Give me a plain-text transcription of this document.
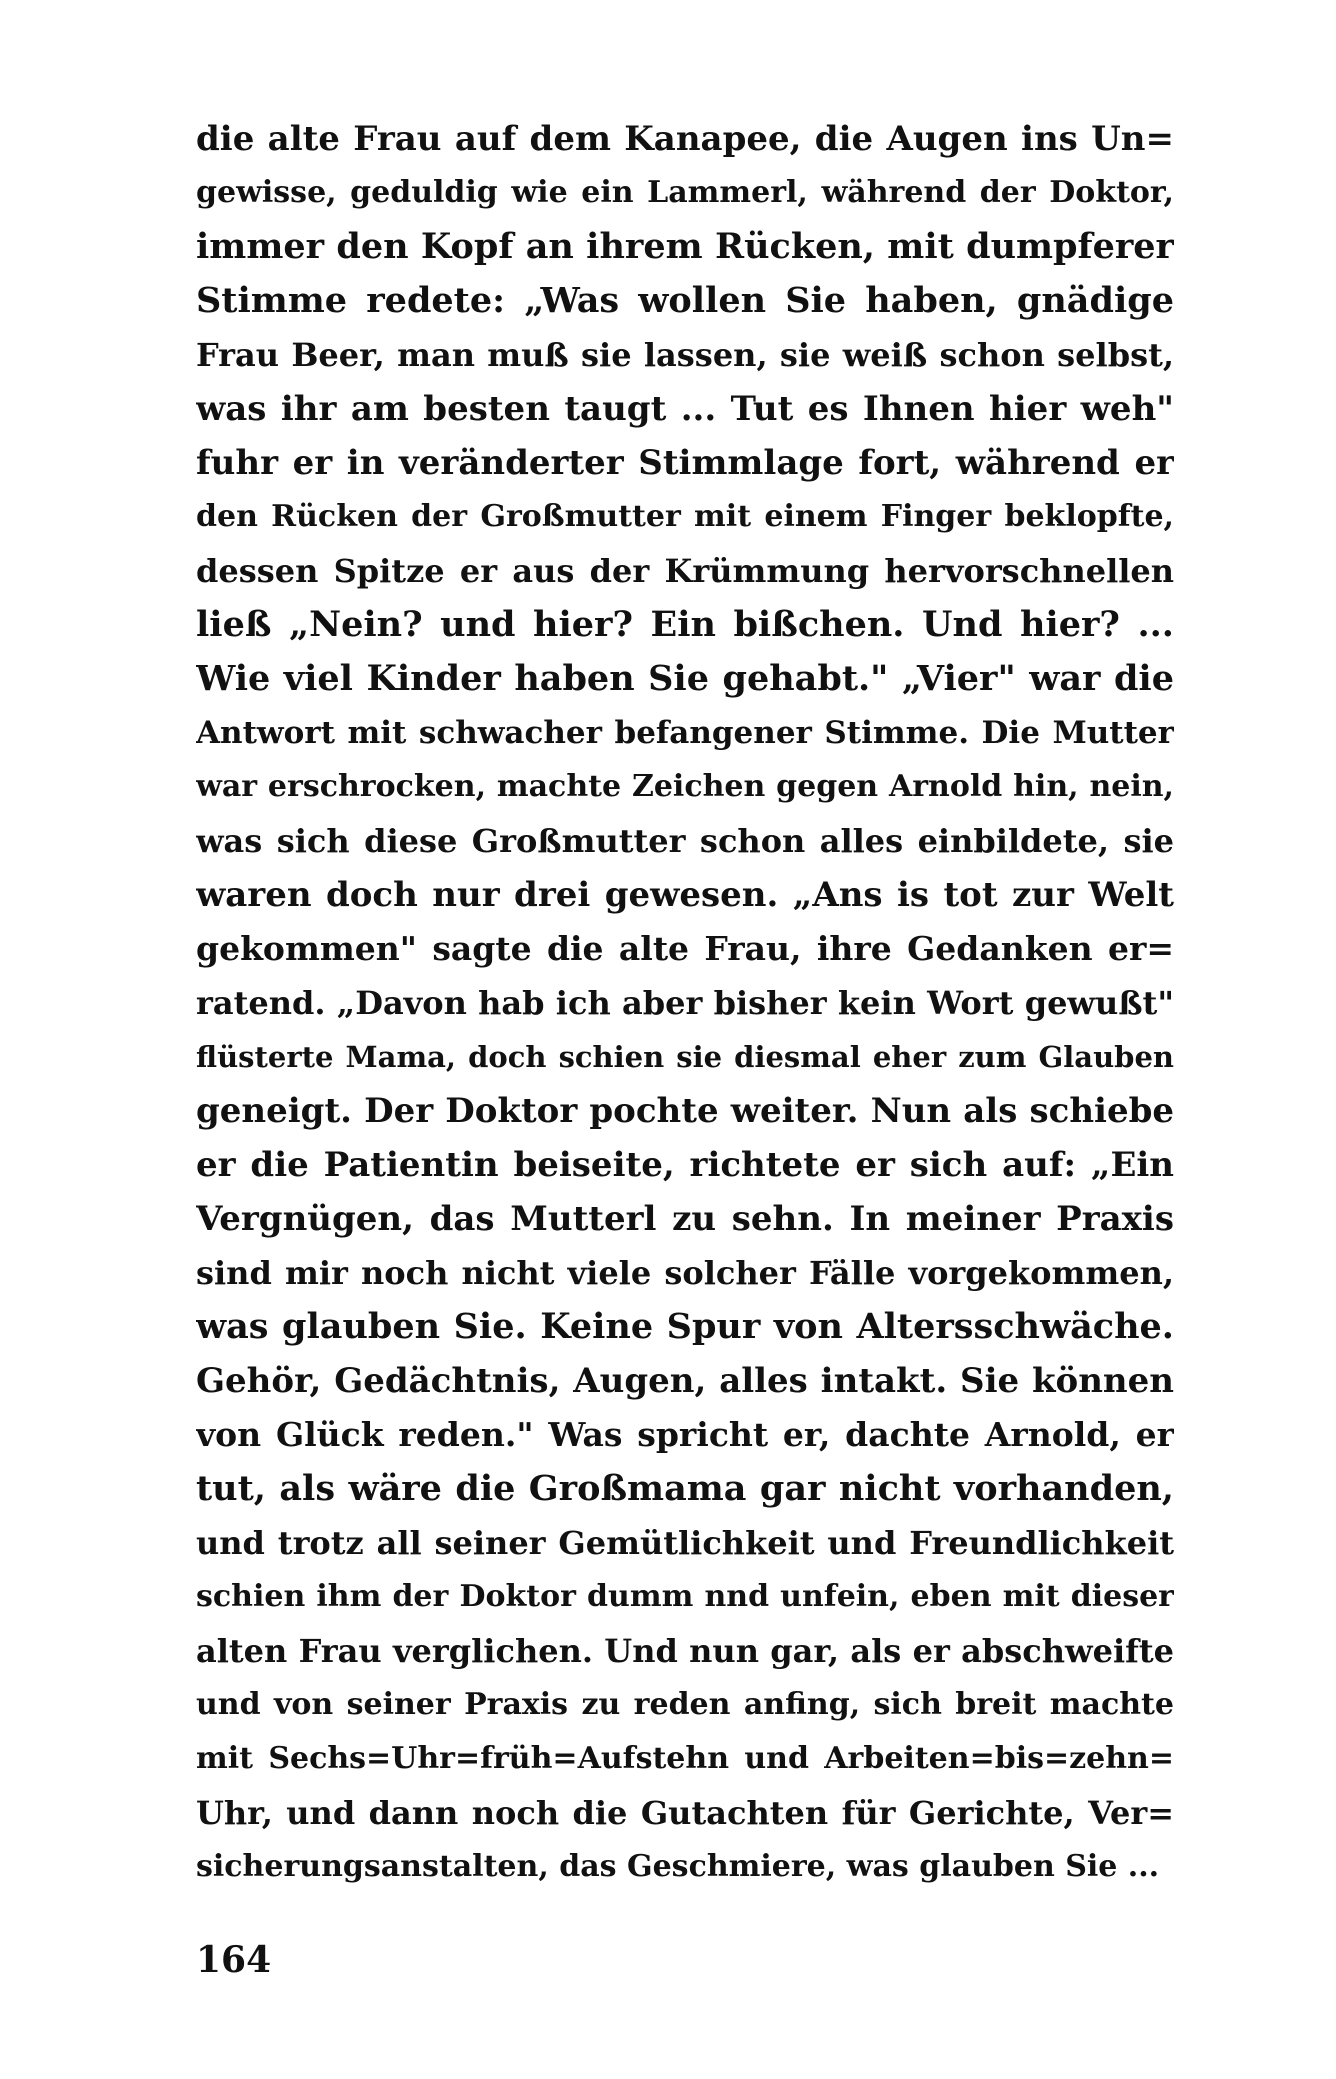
die alte Frau auf dem Kanapee, die Augen ins Un=
gewisse, geduldig wie ein Lammerl, während der Doktor,
immer den Kopf an ihrem Rücken, mit dumpferer
Stimme redete: „Was wollen Sie haben, gnädige
Frau Beer, man muß sie lassen, sie weiß schon selbst,
was ihr am besten taugt ... Tut es Ihnen hier weh"
fuhr er in veränderter Stimmlage fort, während er
den Rücken der Großmutter mit einem Finger beklopfte,
dessen Spitze er aus der Krümmung hervorschnellen
ließ „Nein? und hier? Ein bißchen. Und hier? ...
Wie viel Kinder haben Sie gehabt." „Vier" war die
Antwort mit schwacher befangener Stimme. Die Mutter
war erschrocken, machte Zeichen gegen Arnold hin, nein,
was sich diese Großmutter schon alles einbildete, sie
waren doch nur drei gewesen. „Ans is tot zur Welt
gekommen" sagte die alte Frau, ihre Gedanken er=
ratend. „Davon hab ich aber bisher kein Wort gewußt"
flüsterte Mama, doch schien sie diesmal eher zum Glauben
geneigt. Der Doktor pochte weiter. Nun als schiebe
er die Patientin beiseite, richtete er sich auf: „Ein
Vergnügen, das Mutterl zu sehn. In meiner Praxis
sind mir noch nicht viele solcher Fälle vorgekommen,
was glauben Sie. Keine Spur von Altersschwäche.
Gehör, Gedächtnis, Augen, alles intakt. Sie können
von Glück reden." Was spricht er, dachte Arnold, er
tut, als wäre die Großmama gar nicht vorhanden,
und trotz all seiner Gemütlichkeit und Freundlichkeit
schien ihm der Doktor dumm nnd unfein, eben mit dieser
alten Frau verglichen. Und nun gar, als er abschweifte
und von seiner Praxis zu reden anfing, sich breit machte
mit Sechs=Uhr=früh=Aufstehn und Arbeiten=bis=zehn=
Uhr, und dann noch die Gutachten für Gerichte, Ver=
sicherungsanstalten, das Geschmiere, was glauben Sie ...
164
